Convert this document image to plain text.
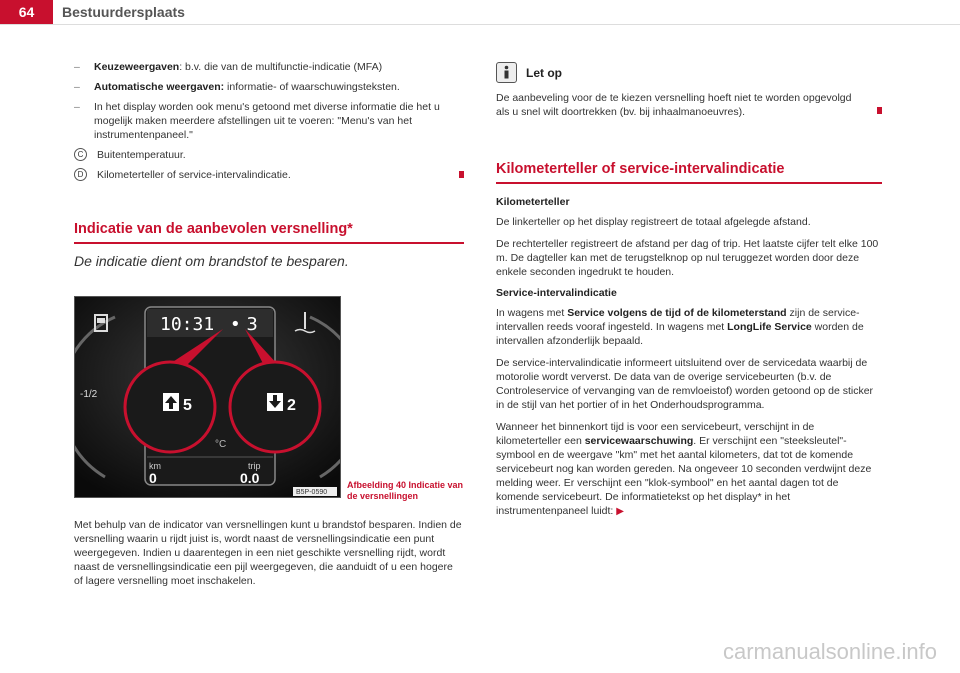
64	Bestuurdersplaats
– Keuzeweergaven: b.v. die van de multifunctie-indicatie (MFA)
– Automatische weergaven: informatie- of waarschuwingsteksten.
– In het display worden ook menu's getoond met diverse informatie die het u mogelijk maken meerdere afstellingen uit te voeren: "Menu's van het instrumentenpaneel."
C	Buitentemperatuur.
D	Kilometerteller of service-intervalindicatie.
Indicatie van de aanbevolen versnelling*
De indicatie dient om brandstof te besparen.
10:31 • 3
km	trip
0	0.0
°C
-1/2
5	2
B5P-0590
Afbeelding 40 Indicatie van de versnellingen

Met behulp van de indicator van versnellingen kunt u brandstof besparen. Indien de versnelling waarin u rijdt juist is, wordt naast de versnellingsindicatie een punt weergegeven. Indien u daarentegen in een niet geschikte versnelling rijdt, wordt naast de versnellingsindicatie een pijl weergegeven, die aanduidt of u een hogere of lagere versnelling moet inschakelen.

Let op

De aanbeveling voor de te kiezen versnelling hoeft niet te worden opgevolgd als u snel wilt doortrekken (bv. bij inhaalmanoeuvres).

Kilometerteller of service-intervalindicatie
Kilometerteller

De linkerteller op het display registreert de totaal afgelegde afstand.

De rechterteller registreert de afstand per dag of trip. Het laatste cijfer telt elke 100 m. De dagteller kan met de terugstelknop op nul teruggezet worden door deze enkele seconden ingedrukt te houden.

Service-intervalindicatie

In wagens met Service volgens de tijd of de kilometerstand zijn de service-intervallen reeds vooraf ingesteld. In wagens met LongLife Service worden de intervallen afzonderlijk bepaald.

De service-intervalindicatie informeert uitsluitend over de servicedata waarbij de motorolie wordt ververst. De data van de overige servicebeurten (b.v. de Controleservice of vervanging van de remvloeistof) worden getoond op de sticker in de stijl van het portier of in het Onderhoudsprogramma.

Wanneer het binnenkort tijd is voor een servicebeurt, verschijnt in de kilometerteller een servicewaarschuwing. Er verschijnt een "steeksleutel"-symbool en de weergave "km" met het aantal kilometers, dat tot de komende servicebeurt nog kan worden gereden. Na ongeveer 10 seconden verdwijnt deze melding weer. Er verschijnt een "klok-symbool" en het aantal dagen tot de komende servicebeurt. De informatietekst op het display* in het instrumentenpaneel luidt: ▶

carmanualsonline.info
